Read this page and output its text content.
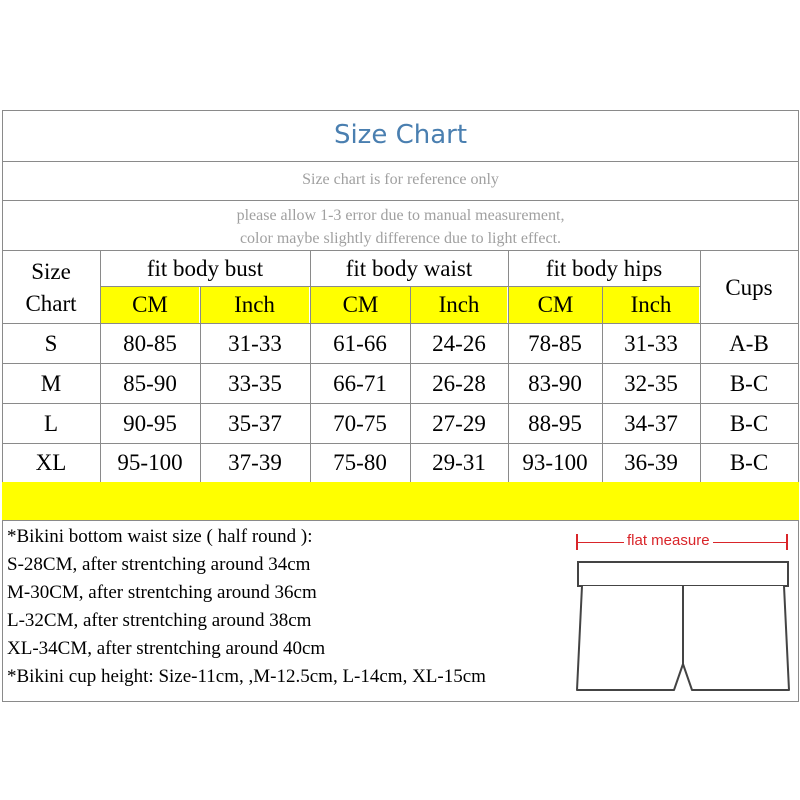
Size Chart
Size chart is for reference only
please allow 1-3 error due to manual measurement,
color maybe slightly difference due to light effect.
Size
Chart
fit body bust	fit body waist	fit body hips
Cups
CM	Inch	CM	Inch	CM	Inch
S	80-85	31-33	61-66	24-26	78-85	31-33	A-B
M	85-90	33-35	66-71	26-28	83-90	32-35	B-C
L	90-95	35-37	70-75	27-29	88-95	34-37	B-C
XL	95-100	37-39	75-80	29-31	93-100	36-39	B-C
*Bikini bottom waist size ( half round ):
S-28CM, after strentching around 34cm
M-30CM, after strentching around 36cm
L-32CM, after strentching around 38cm
XL-34CM, after strentching around 40cm
*Bikini cup height: Size-11cm, ,M-12.5cm, L-14cm, XL-15cm
flat measure
